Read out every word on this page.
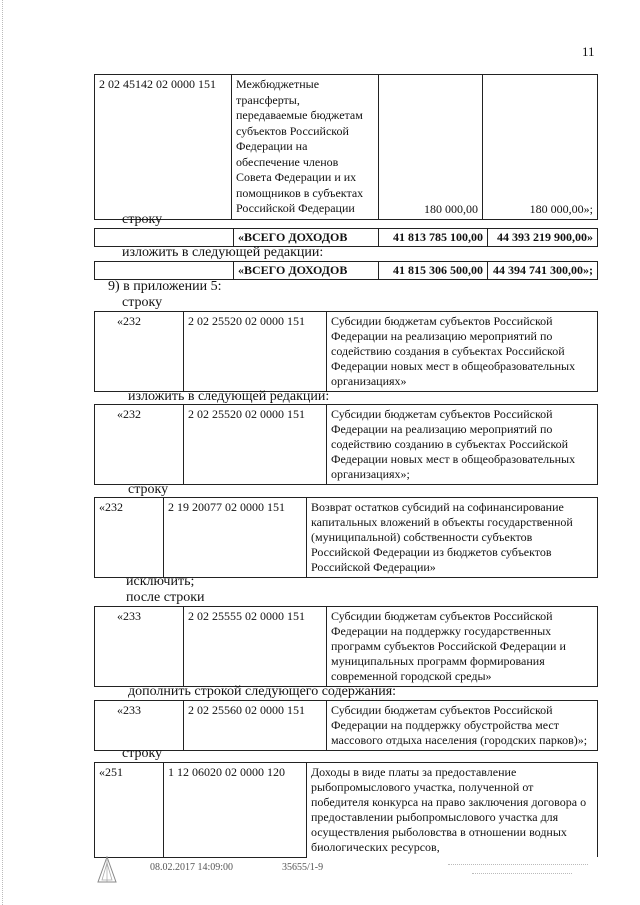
11
2 02 45142 02 0000 151	Межбюджетные трансферты, передаваемые бюджетам субъектов Российской Федерации на обеспечение членов Совета Федерации и их помощников в субъектах Российской Федерации	180 000,00	180 000,00»;
строку
	«ВСЕГО ДОХОДОВ	41 813 785 100,00	44 393 219 900,00»
изложить в следующей редакции:
	«ВСЕГО ДОХОДОВ	41 815 306 500,00	44 394 741 300,00»;
9) в приложении 5:
строку
«232	2 02 25520 02 0000 151	Субсидии бюджетам субъектов Российской Федерации на реализацию мероприятий по содействию создания в субъектах Российской Федерации новых мест в общеобразовательных организациях»
изложить в следующей редакции:
«232	2 02 25520 02 0000 151	Субсидии бюджетам субъектов Российской Федерации на реализацию мероприятий по содействию созданию в субъектах Российской Федерации новых мест в общеобразовательных организациях»;
строку
«232	2 19 20077 02 0000 151	Возврат остатков субсидий на софинансирование капитальных вложений в объекты государственной (муниципальной) собственности субъектов Российской Федерации из бюджетов субъектов Российской Федерации»
исключить;
после строки
«233	2 02 25555 02 0000 151	Субсидии бюджетам субъектов Российской Федерации на поддержку государственных программ субъектов Российской Федерации и муниципальных программ формирования современной городской среды»
дополнить строкой следующего содержания:
«233	2 02 25560 02 0000 151	Субсидии бюджетам субъектов Российской Федерации на поддержку обустройства мест массового отдыха населения (городских парков)»;
строку
«251	1 12 06020 02 0000 120	Доходы в виде платы за предоставление рыбопромыслового участка, полученной от победителя конкурса на право заключения договора о предоставлении рыбопромыслового участка для осуществления рыболовства в отношении водных биологических ресурсов,
08.02.2017 14:09:00	35655/1-9
